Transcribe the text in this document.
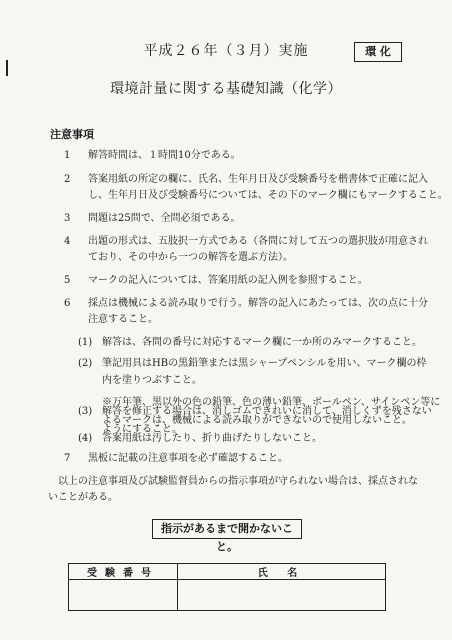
平成２６年（３月）実施	環 化
環境計量に関する基礎知識（化学）
注意事項
1 解答時間は、１時間10分である。
2 答案用紙の所定の欄に、氏名、生年月日及び受験番号を楷書体で正確に記入
し、生年月日及び受験番号については、その下のマーク欄にもマークすること。
3 問題は25問で、全問必須である。
4 出題の形式は、五肢択一方式である（各問に対して五つの選択肢が用意され
ており、その中から一つの解答を選ぶ方法）。
5 マークの記入については、答案用紙の記入例を参照すること。
6 採点は機械による読み取りで行う。解答の記入にあたっては、次の点に十分
注意すること。
(1) 解答は、各問の番号に対応するマーク欄に一か所のみマークすること。
(2) 筆記用具はHBの黒鉛筆または黒シャープペンシルを用い、マーク欄の枠
内を塗りつぶすこと。
※万年筆、黒以外の色の鉛筆、色の薄い鉛筆、ボールペン、サインペン等に
よるマークは、機械による読み取りができないので使用しないこと。
(3) 解答を修正する場合は、消しゴムできれいに消して、消しくずを残さない
ようにすること。
(4) 答案用紙は汚したり、折り曲げたりしないこと。
7 黒板に記載の注意事項を必ず確認すること。
指示があるまで開かないこと。
受験番号	氏 名

以上の注意事項及び試験監督員からの指示事項が守られない場合は、採点されな
いことがある。
